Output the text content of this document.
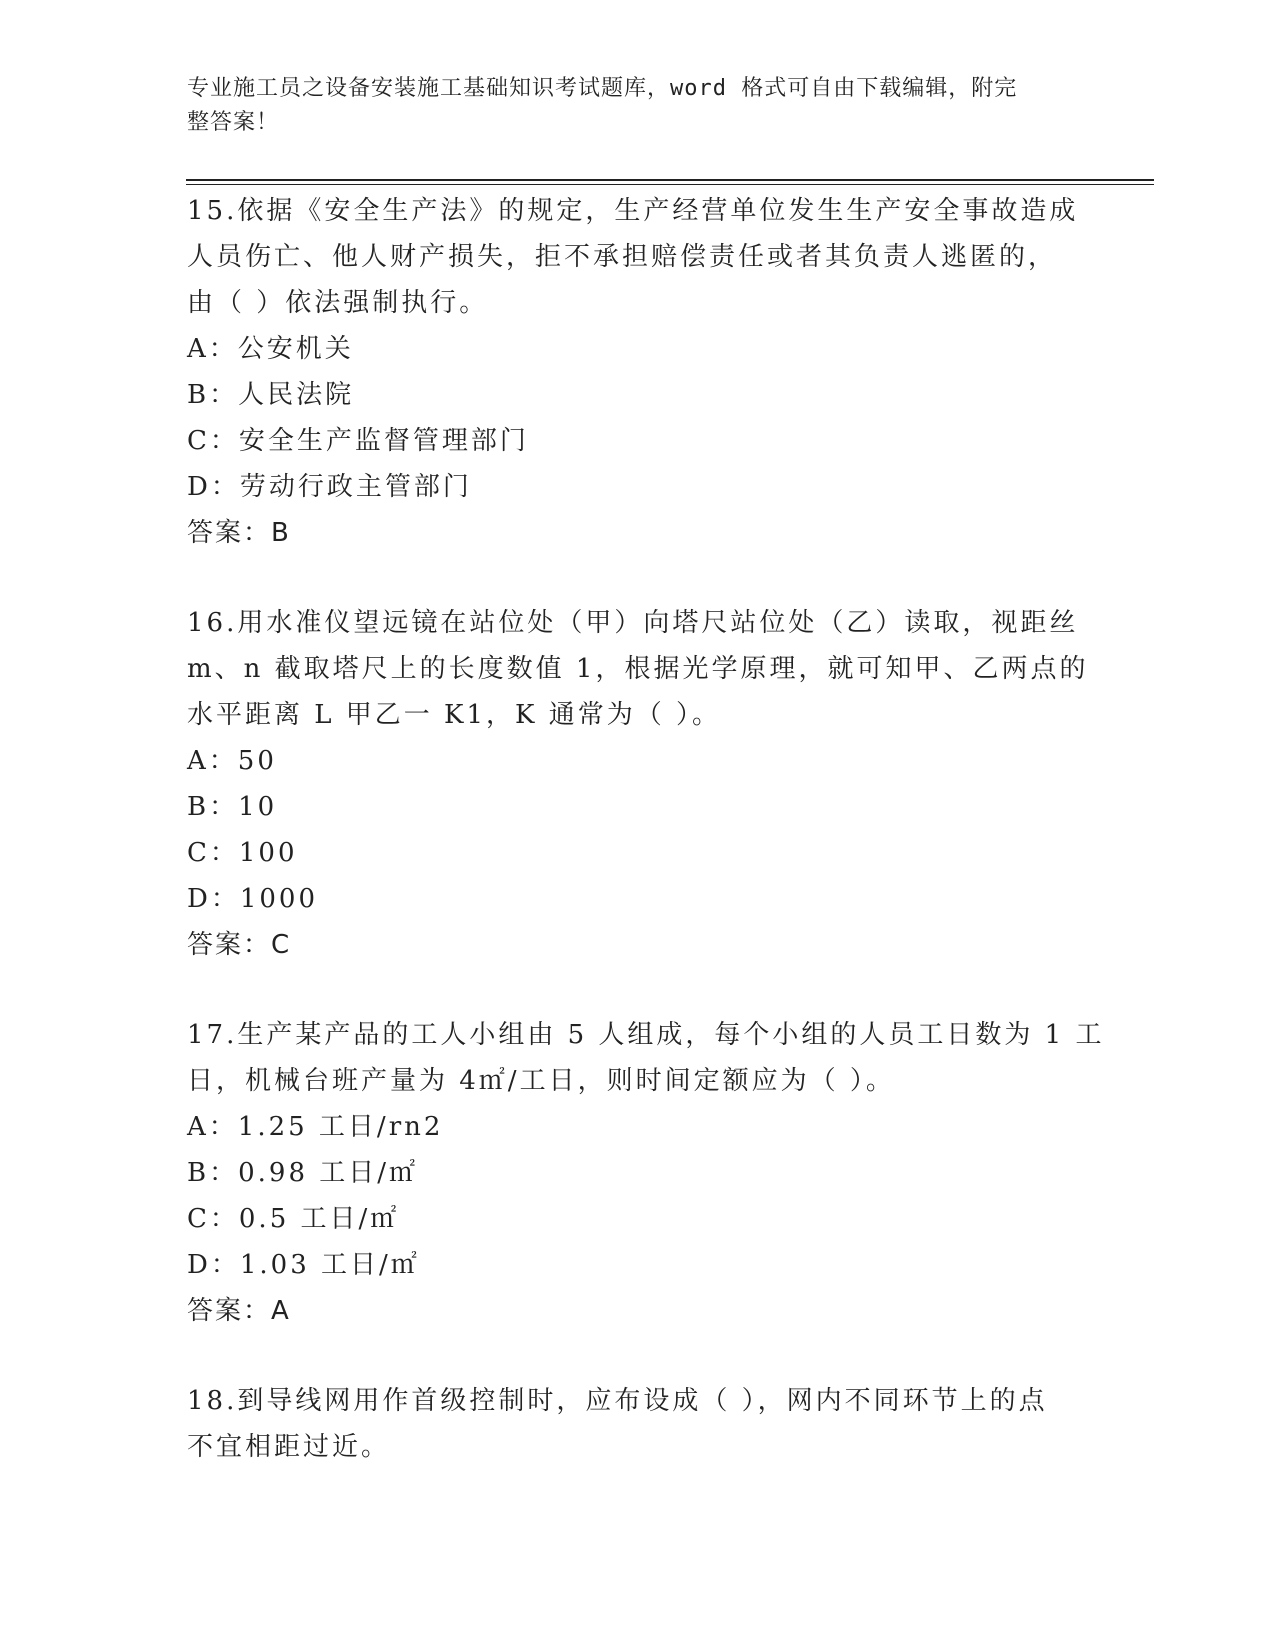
专业施工员之设备安装施工基础知识考试题库，word 格式可自由下载编辑，附完
整答案！
15.依据《安全生产法》的规定，生产经营单位发生生产安全事故造成
人员伤亡、他人财产损失，拒不承担赔偿责任或者其负责人逃匿的，
由（ ）依法强制执行。
A：公安机关
B：人民法院
C：安全生产监督管理部门
D：劳动行政主管部门
答案：B
16.用水准仪望远镜在站位处（甲）向塔尺站位处（乙）读取，视距丝
m、n 截取塔尺上的长度数值 1，根据光学原理，就可知甲、乙两点的
水平距离 L 甲乙一 K1，K 通常为（ ）。
A：50
B：10
C：100
D：1000
答案：C
17.生产某产品的工人小组由 5 人组成，每个小组的人员工日数为 1 工
日，机械台班产量为 4㎡/工日，则时间定额应为（ ）。
A：1.25 工日/rn2
B：0.98 工日/㎡
C：0.5 工日/㎡
D：1.03 工日/㎡
答案：A
18.到导线网用作首级控制时，应布设成（ ），网内不同环节上的点
不宜相距过近。
